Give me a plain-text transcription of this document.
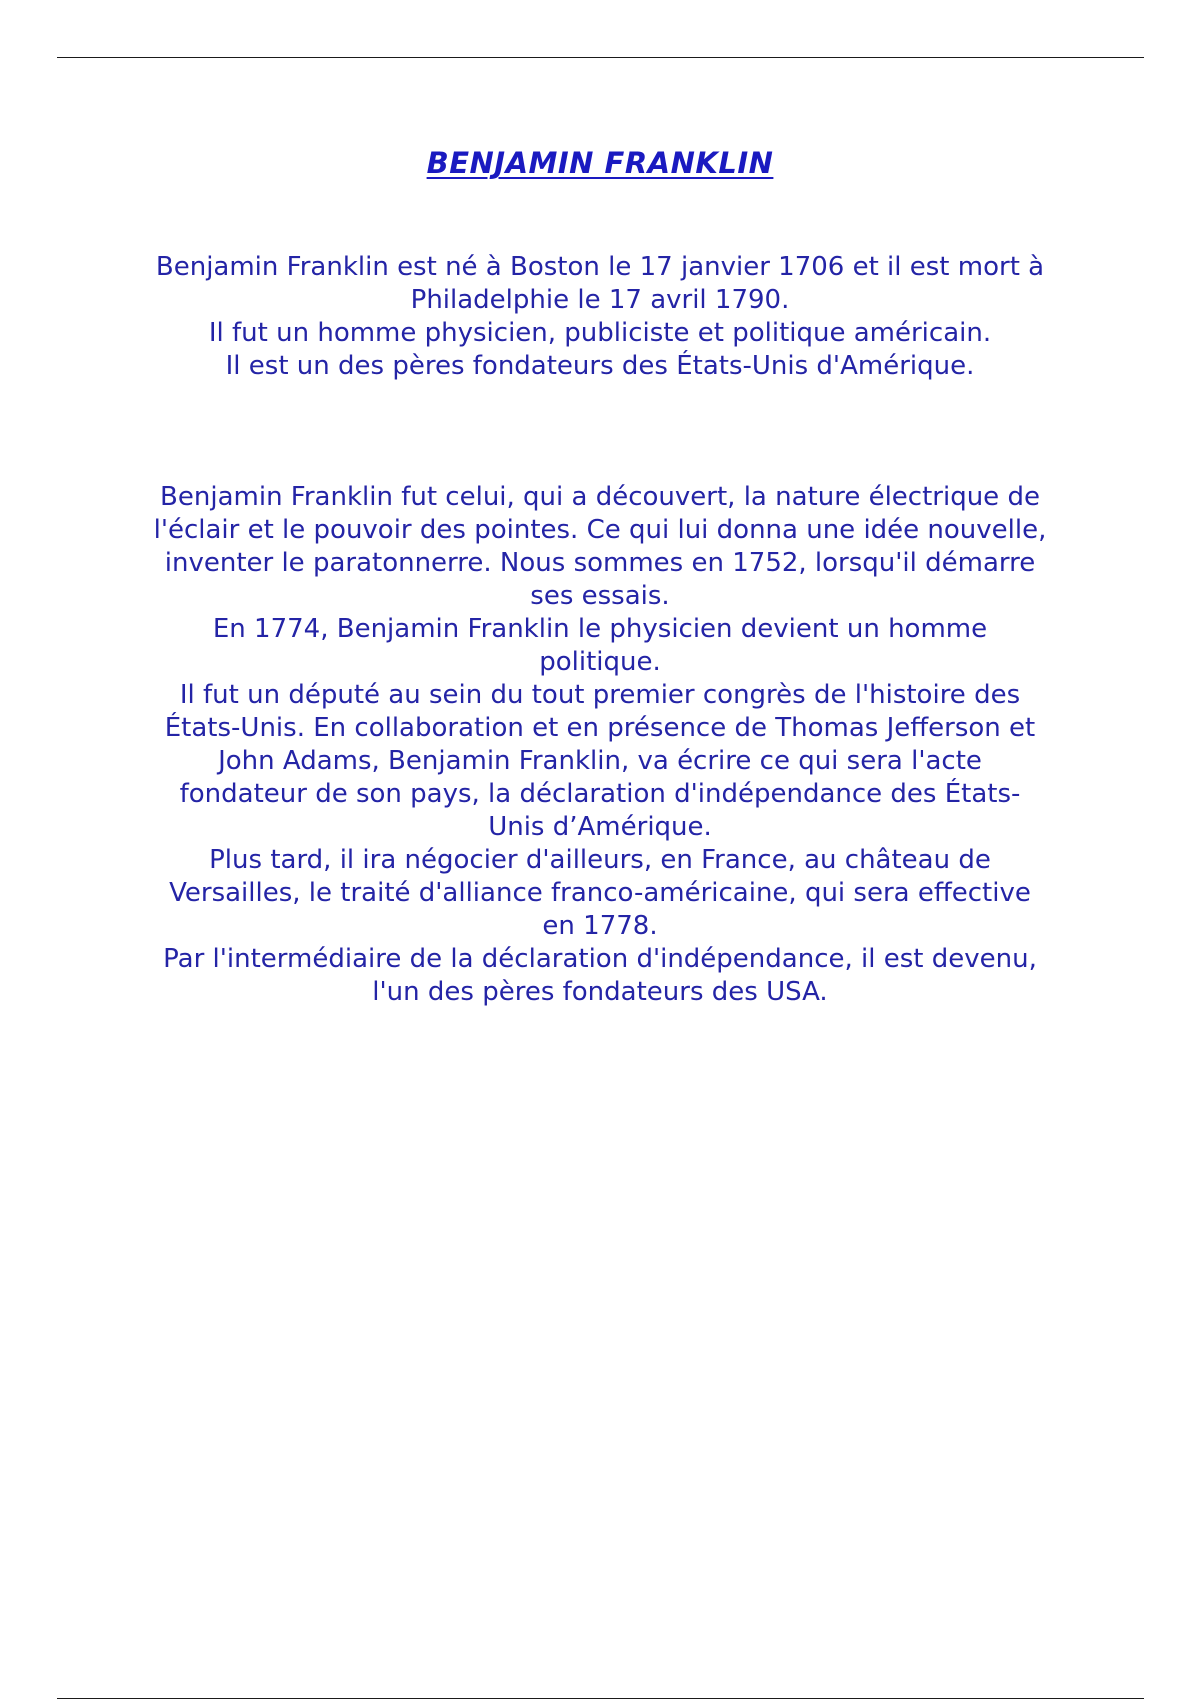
BENJAMIN FRANKLIN
Benjamin Franklin est né à Boston le 17 janvier 1706 et il est mort à
Philadelphie le 17 avril 1790.
Il fut un homme physicien, publiciste et politique américain.
Il est un des pères fondateurs des États-Unis d'Amérique.
Benjamin Franklin fut celui, qui a découvert, la nature électrique de
l'éclair et le pouvoir des pointes. Ce qui lui donna une idée nouvelle,
inventer le paratonnerre. Nous sommes en 1752, lorsqu'il démarre
ses essais.
En 1774, Benjamin Franklin le physicien devient un homme
politique.
Il fut un député au sein du tout premier congrès de l'histoire des
États-Unis. En collaboration et en présence de Thomas Jefferson et
John Adams, Benjamin Franklin, va écrire ce qui sera l'acte
fondateur de son pays, la déclaration d'indépendance des États-
Unis d’Amérique.
Plus tard, il ira négocier d'ailleurs, en France, au château de
Versailles, le traité d'alliance franco-américaine, qui sera effective
en 1778.
Par l'intermédiaire de la déclaration d'indépendance, il est devenu,
l'un des pères fondateurs des USA.
